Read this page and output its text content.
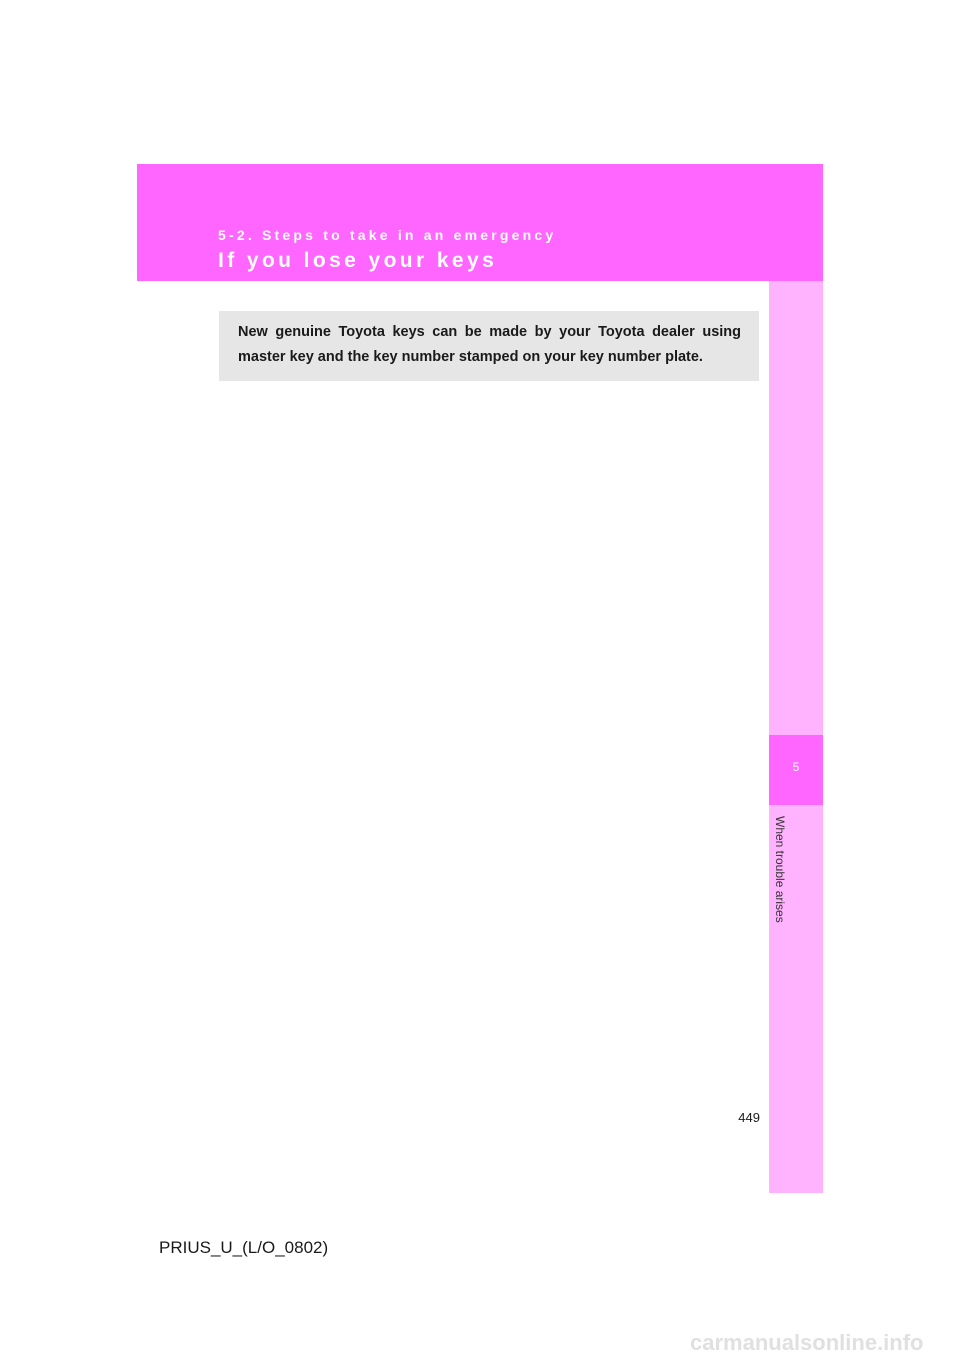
5-2. Steps to take in an emergency
If you lose your keys
5
When trouble arises
New genuine Toyota keys can be made by your Toyota dealer using master key and the key number stamped on your key number plate.
449
PRIUS_U_(L/O_0802)
carmanualsonline.info
